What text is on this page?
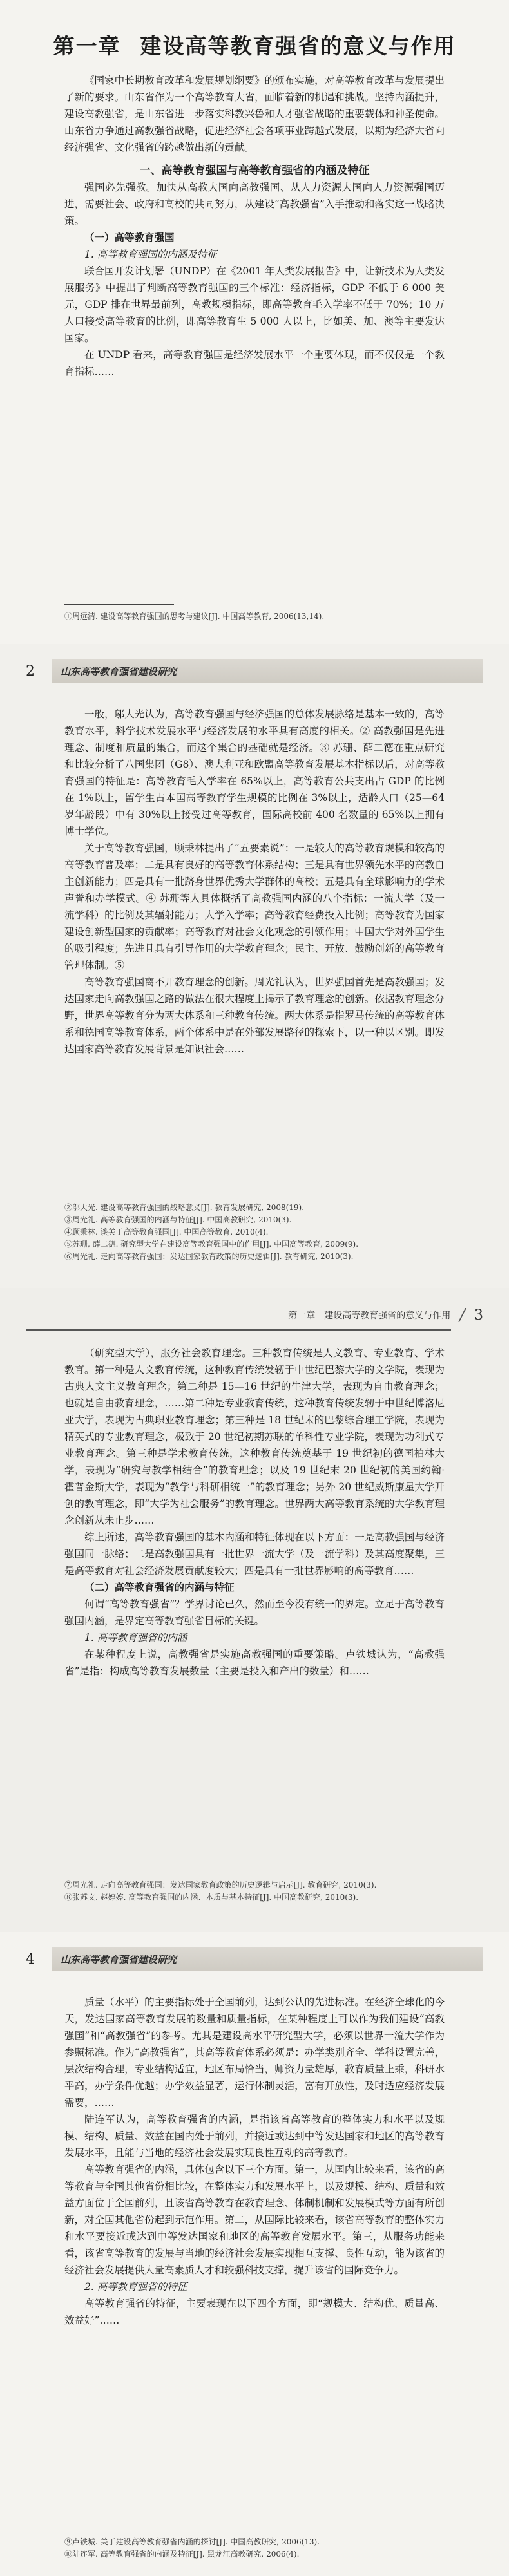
第一章 建设高等教育强省的意义与作用

《国家中长期教育改革和发展规划纲要》的颁布实施，对高等教育改革与发展提出了新的要求。山东省作为一个高等教育大省，面临着新的机遇和挑战。坚持内涵提升，建设高教强省，是山东省进一步落实科教兴鲁和人才强省战略的重要载体和神圣使命。山东省力争通过高教强省战略，促进经济社会各项事业跨越式发展，以期为经济大省向经济强省、文化强省的跨越做出新的贡献。

一、高等教育强国与高等教育强省的内涵及特征

强国必先强教。加快从高教大国向高教强国、从人力资源大国向人力资源强国迈进，需要社会、政府和高校的共同努力，从建设“高教强省”入手推动和落实这一战略决策。

（一）高等教育强国

1. 高等教育强国的内涵及特征

联合国开发计划署（UNDP）在《2001 年人类发展报告》中，让新技术为人类发展服务》中提出了判断高等教育强国的三个标准：经济指标，GDP 不低于 6 000 美元，GDP 排在世界最前列，高教规模指标，即高等教育毛入学率不低于 70%；10 万人口接受高等教育的比例，即高等教育生 5 000 人以上，比如美、加、澳等主要发达国家。

在 UNDP 看来，高等教育强国是经济发展水平一个重要体现，而不仅仅是一个教育指标……

①周远清. 建设高等教育强国的思考与建议[J]. 中国高等教育, 2006(13,14).
2	山东高等教育强省建设研究

一般，邬大光认为，高等教育强国与经济强国的总体发展脉络是基本一致的，高等教育水平，科学技术发展水平与经济发展的水平具有高度的相关。② 高教强国是先进理念、制度和质量的集合，而这个集合的基础就是经济。③ 苏珊、薛二德在重点研究和比较分析了八国集团（G8）、澳大利亚和欧盟高等教育发展基本指标以后，对高等教育强国的特征是：高等教育毛入学率在 65%以上，高等教育公共支出占 GDP 的比例在 1%以上，留学生占本国高等教育学生规模的比例在 3%以上，适龄人口（25—64 岁年龄段）中有 30%以上接受过高等教育，国际高校前 400 名数量的 65%以上拥有博士学位。

关于高等教育强国，顾秉林提出了“五要素说”：一是较大的高等教育规模和较高的高等教育普及率；二是具有良好的高等教育体系结构；三是具有世界领先水平的高教自主创新能力；四是具有一批跻身世界优秀大学群体的高校；五是具有全球影响力的学术声誉和办学模式。④ 苏珊等人具体概括了高教强国内涵的八个指标：一流大学（及一流学科）的比例及其辐射能力；大学入学率；高等教育经费投入比例；高等教育为国家建设创新型国家的贡献率；高等教育对社会文化观念的引领作用；中国大学对外国学生的吸引程度；先进且具有引导作用的大学教育理念；民主、开放、鼓励创新的高等教育管理体制。⑤

高等教育强国离不开教育理念的创新。周光礼认为，世界强国首先是高教强国；发达国家走向高教强国之路的做法在很大程度上揭示了教育理念的创新。依据教育理念分野，世界高等教育分为两大体系和三种教育传统。两大体系是指罗马传统的高等教育体系和德国高等教育体系，两个体系中是在外部发展路径的探索下，以一种以区别。即发达国家高等教育发展背景是知识社会……

②邬大光. 建设高等教育强国的战略意义[J]. 教育发展研究, 2008(19).
③周光礼. 高等教育强国的内涵与特征[J]. 中国高教研究, 2010(3).
④顾秉林. 谈关于高等教育强国[J]. 中国高等教育, 2010(4).
⑤苏珊, 薛二德. 研究型大学在建设高等教育强国中的作用[J]. 中国高等教育, 2009(9).
⑥周光礼. 走向高等教育强国：发达国家教育政策的历史逻辑[J]. 教育研究, 2010(3).
第一章　建设高等教育强省的意义与作用 / 3

（研究型大学），服务社会教育理念。三种教育传统是人文教育、专业教育、学术教育。第一种是人文教育传统，这种教育传统发轫于中世纪巴黎大学的文学院，表现为古典人文主义教育理念；第二种是 15—16 世纪的牛津大学，表现为自由教育理念；也就是自由教育理念，……第二种是专业教育传统，这种教育传统发轫于中世纪博洛尼亚大学，表现为古典职业教育理念；第三种是 18 世纪末的巴黎综合理工学院，表现为精英式的专业教育理念，极致于 20 世纪初期苏联的单科性专业学院，表现为功利式专业教育理念。第三种是学术教育传统，这种教育传统奠基于 19 世纪初的德国柏林大学，表现为“研究与教学相结合”的教育理念；以及 19 世纪末 20 世纪初的美国约翰·霍普金斯大学，表现为“教学与科研相统一”的教育理念；另外 20 世纪威斯康星大学开创的教育理念，即“大学为社会服务”的教育理念。世界两大高等教育系统的大学教育理念创新从未止步……

综上所述，高等教育强国的基本内涵和特征体现在以下方面：一是高教强国与经济强国同一脉络；二是高教强国具有一批世界一流大学（及一流学科）及其高度聚集，三是高等教育对社会经济发展贡献度较大；四是具有一批世界影响的高等教育……

（二）高等教育强省的内涵与特征

何谓“高等教育强省”？学界讨论已久，然而至今没有统一的界定。立足于高等教育强国内涵，是界定高等教育强省目标的关键。

1. 高等教育强省的内涵

在某种程度上说，高教强省是实施高教强国的重要策略。卢铁城认为，“高教强省”是指：构成高等教育发展数量（主要是投入和产出的数量）和……

⑦周光礼. 走向高等教育强国：发达国家教育政策的历史逻辑与启示[J]. 教育研究, 2010(3).
⑧张苏文. 赵婷婷. 高等教育强国的内涵、本质与基本特征[J]. 中国高教研究, 2010(3).
4	山东高等教育强省建设研究

质量（水平）的主要指标处于全国前列，达到公认的先进标准。在经济全球化的今天，发达国家高等教育发展的数量和质量指标，在某种程度上可以作为我们建设“高教强国”和“高教强省”的参考。尤其是建设高水平研究型大学，必须以世界一流大学作为参照标准。作为“高教强省”，其高等教育体系必须是：办学类别齐全、学科设置完善，层次结构合理，专业结构适宜，地区布局恰当，师资力量雄厚，教育质量上乘，科研水平高，办学条件优越；办学效益显著，运行体制灵活，富有开放性，及时适应经济发展需要，……

陆连军认为，高等教育强省的内涵，是指该省高等教育的整体实力和水平以及规模、结构、质量、效益在国内处于前列，并接近或达到中等发达国家和地区的高等教育发展水平，且能与当地的经济社会发展实现良性互动的高等教育。

高等教育强省的内涵，具体包含以下三个方面。第一，从国内比较来看，该省的高等教育与全国其他省份相比较，在整体实力和发展水平上，以及规模、结构、质量和效益方面位于全国前列，且该省高等教育在教育理念、体制机制和发展模式等方面有所创新，对全国其他省份起到示范作用。第二，从国际比较来看，该省高等教育的整体实力和水平要接近或达到中等发达国家和地区的高等教育发展水平。第三，从服务功能来看，该省高等教育的发展与当地的经济社会发展实现相互支撑、良性互动，能为该省的经济社会发展提供大量高素质人才和较强科技支撑，提升该省的国际竞争力。

2. 高等教育强省的特征

高等教育强省的特征，主要表现在以下四个方面，即“规模大、结构优、质量高、效益好”……

⑨卢铁城. 关于建设高等教育强省内涵的探讨[J]. 中国高教研究, 2006(13).
⑩陆连军. 高等教育强省的内涵及特征[J]. 黑龙江高教研究, 2006(4).
